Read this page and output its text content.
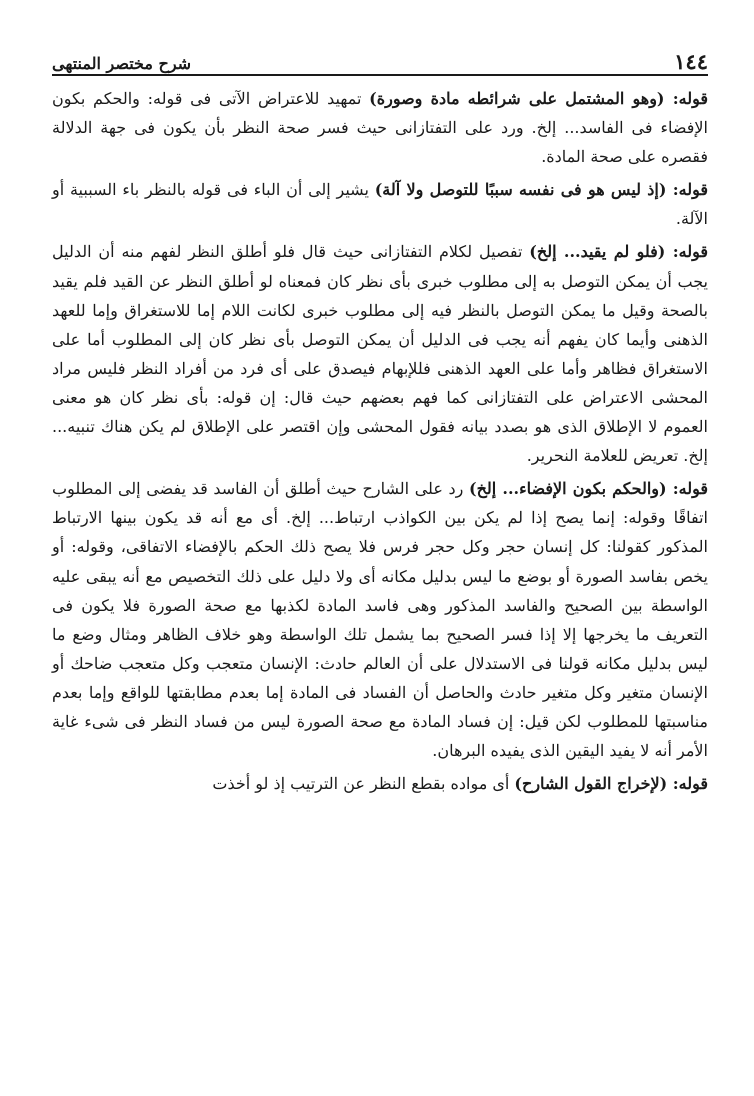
١٤٤
شرح مختصر المنتهى

قوله: (وهو المشتمل على شرائطه مادة وصورة) تمهيد للاعتراض الآتى فى قوله: والحكم بكون الإفضاء فى الفاسد... إلخ. ورد على التفتازانى حيث فسر صحة النظر بأن يكون فى جهة الدلالة فقصره على صحة المادة.

قوله: (إذ ليس هو فى نفسه سببًا للتوصل ولا آلة) يشير إلى أن الباء فى قوله بالنظر باء السببية أو الآلة.

قوله: (فلو لم يقيد... إلخ) تفصيل لكلام التفتازانى حيث قال فلو أطلق النظر لفهم منه أن الدليل يجب أن يمكن التوصل به إلى مطلوب خبرى بأى نظر كان فمعناه لو أطلق النظر عن القيد فلم يقيد بالصحة وقيل ما يمكن التوصل بالنظر فيه إلى مطلوب خبرى لكانت اللام إما للاستغراق وإما للعهد الذهنى وأيما كان يفهم أنه يجب فى الدليل أن يمكن التوصل بأى نظر كان إلى المطلوب أما على الاستغراق فظاهر وأما على العهد الذهنى فللإبهام فيصدق على أى فرد من أفراد النظر فليس مراد المحشى الاعتراض على التفتازانى كما فهم بعضهم حيث قال: إن قوله: بأى نظر كان هو معنى العموم لا الإطلاق الذى هو بصدد بيانه فقول المحشى وإن اقتصر على الإطلاق لم يكن هناك تنبيه... إلخ. تعريض للعلامة النحرير.

قوله: (والحكم بكون الإفضاء... إلخ) رد على الشارح حيث أطلق أن الفاسد قد يفضى إلى المطلوب اتفاقًا وقوله: إنما يصح إذا لم يكن بين الكواذب ارتباط... إلخ. أى مع أنه قد يكون بينها الارتباط المذكور كقولنا: كل إنسان حجر وكل حجر فرس فلا يصح ذلك الحكم بالإفضاء الاتفاقى، وقوله: أو يخص بفاسد الصورة أو بوضع ما ليس بدليل مكانه أى ولا دليل على ذلك التخصيص مع أنه يبقى عليه الواسطة بين الصحيح والفاسد المذكور وهى فاسد المادة لكذبها مع صحة الصورة فلا يكون فى التعريف ما يخرجها إلا إذا فسر الصحيح بما يشمل تلك الواسطة وهو خلاف الظاهر ومثال وضع ما ليس بدليل مكانه قولنا فى الاستدلال على أن العالم حادث: الإنسان متعجب وكل متعجب ضاحك أو الإنسان متغير وكل متغير حادث والحاصل أن الفساد فى المادة إما بعدم مطابقتها للواقع وإما بعدم مناسبتها للمطلوب لكن قيل: إن فساد المادة مع صحة الصورة ليس من فساد النظر فى شىء غاية الأمر أنه لا يفيد اليقين الذى يفيده البرهان.

قوله: (لإخراج القول الشارح) أى مواده بقطع النظر عن الترتيب إذ لو أخذت
